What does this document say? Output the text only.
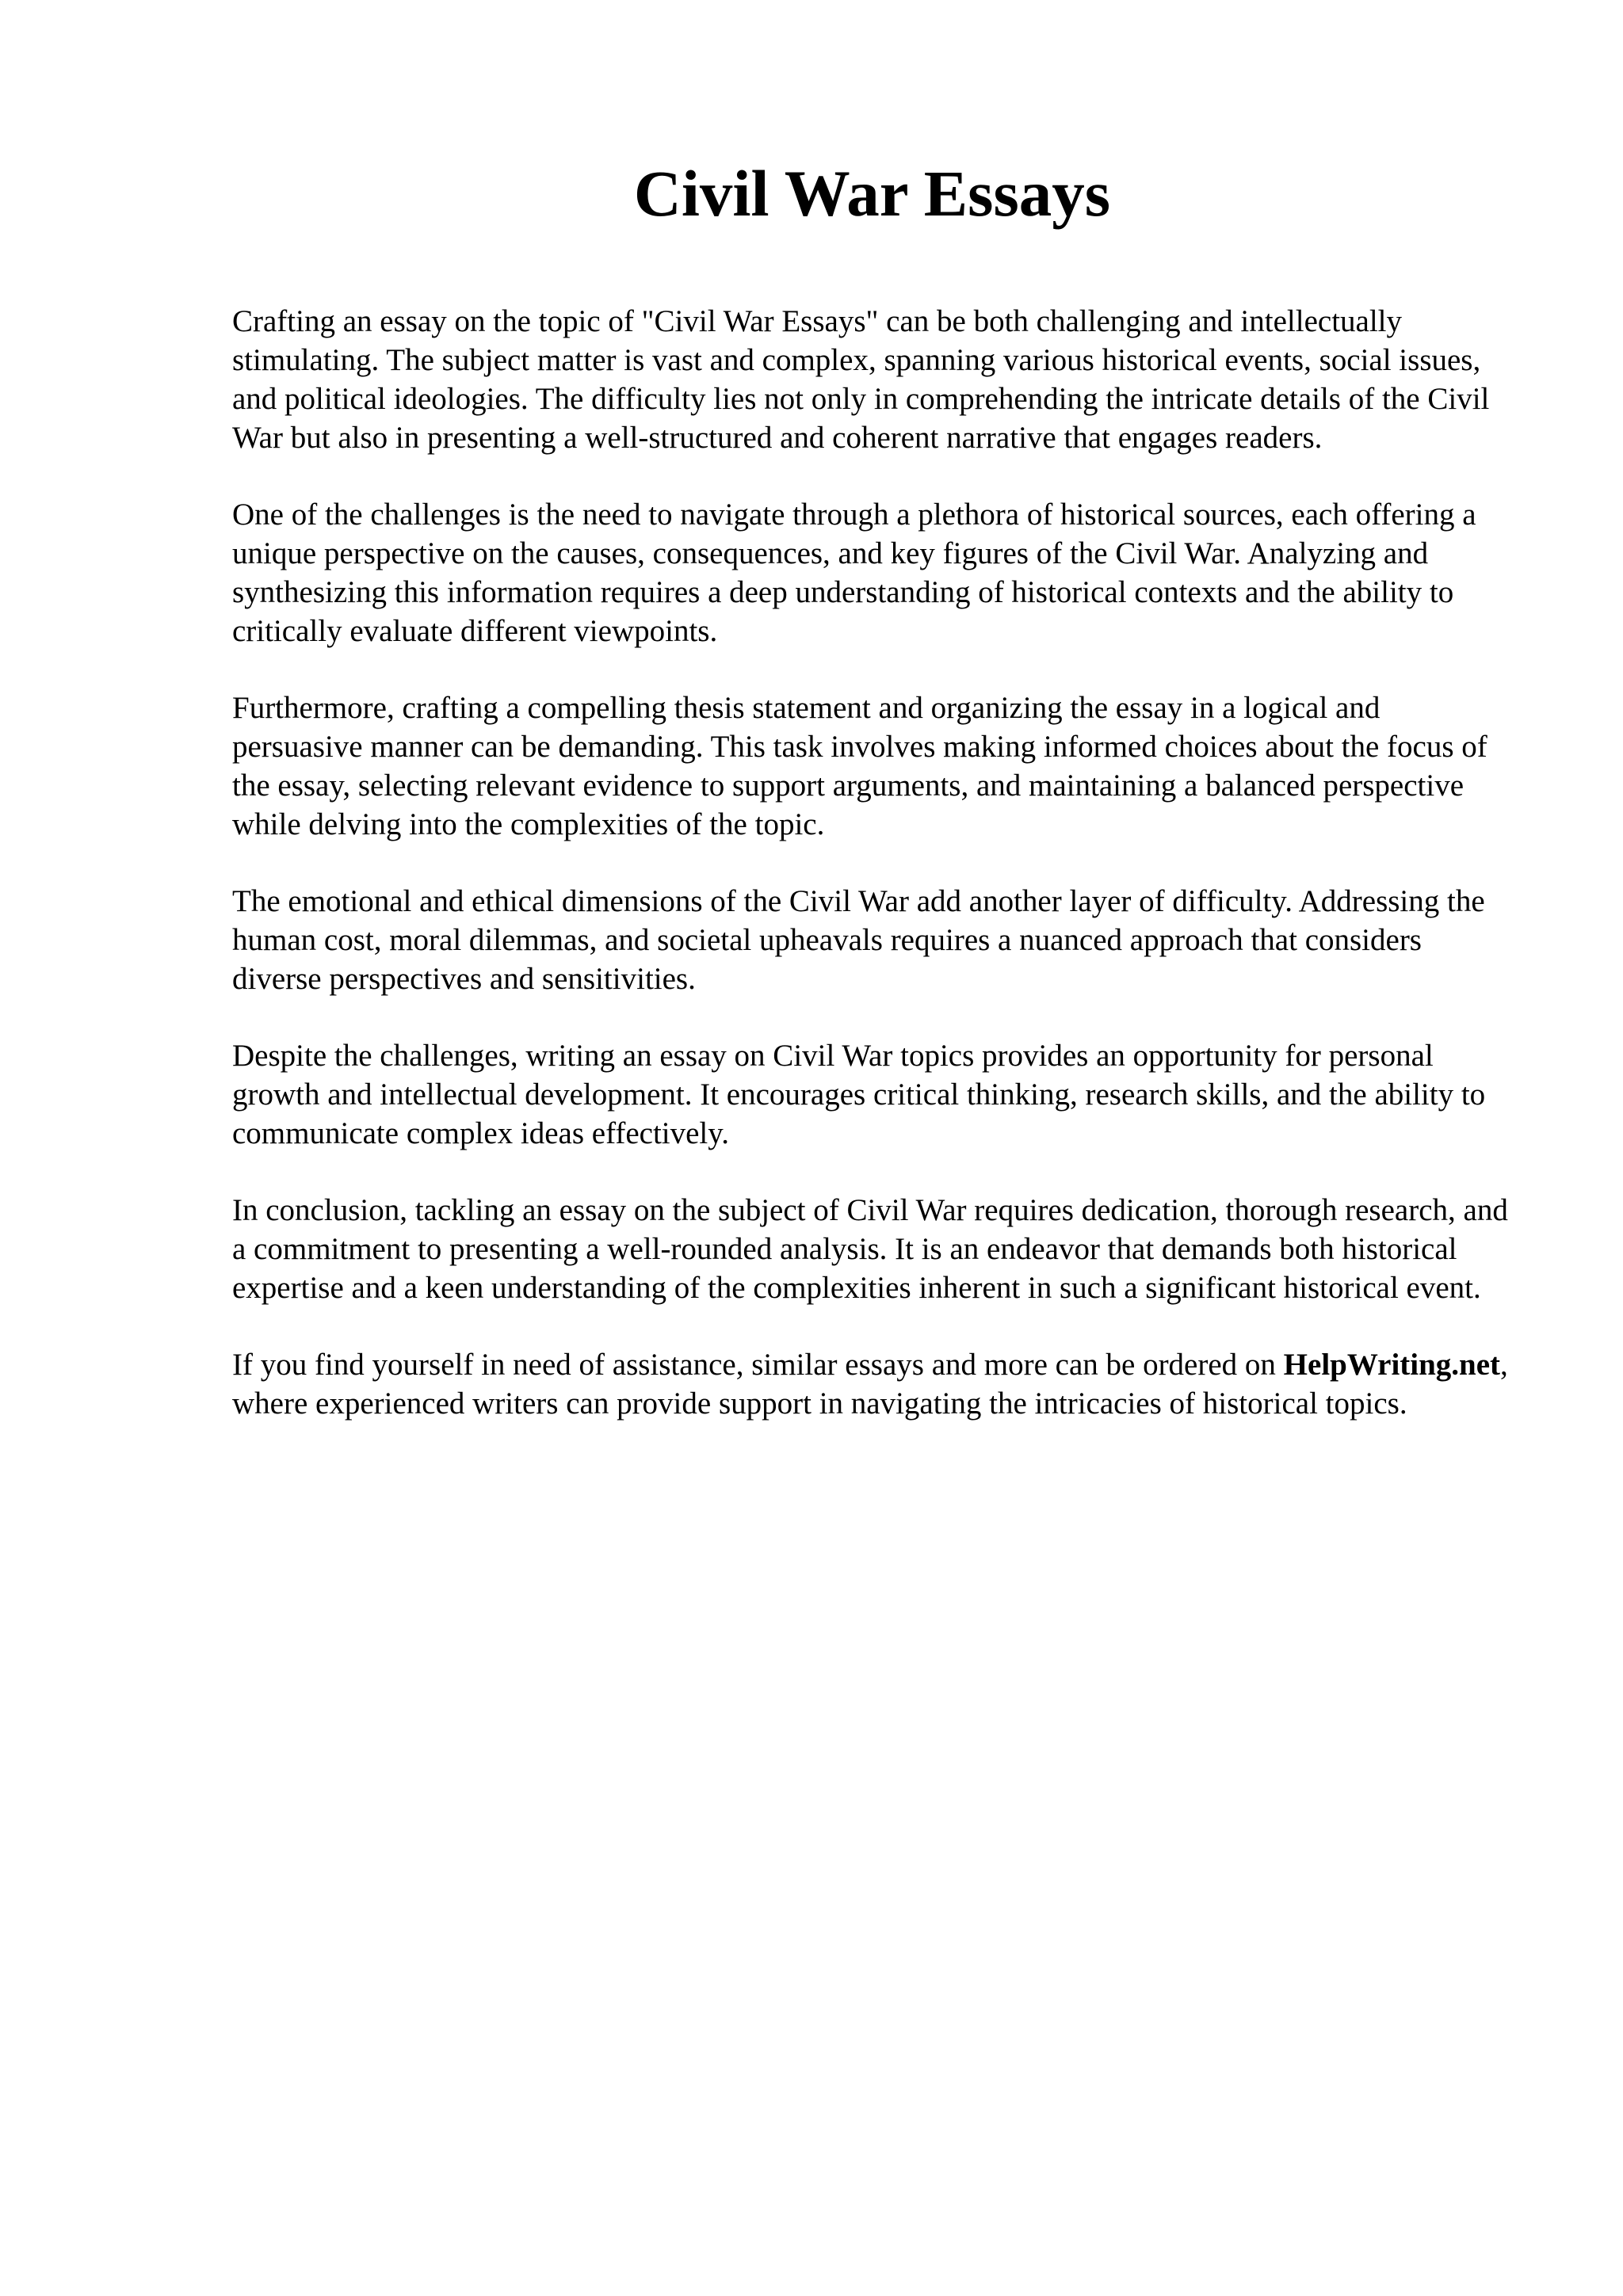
Civil War Essays

Crafting an essay on the topic of "Civil War Essays" can be both challenging and intellectually stimulating. The subject matter is vast and complex, spanning various historical events, social issues, and political ideologies. The difficulty lies not only in comprehending the intricate details of the Civil War but also in presenting a well-structured and coherent narrative that engages readers.

One of the challenges is the need to navigate through a plethora of historical sources, each offering a unique perspective on the causes, consequences, and key figures of the Civil War. Analyzing and synthesizing this information requires a deep understanding of historical contexts and the ability to critically evaluate different viewpoints.

Furthermore, crafting a compelling thesis statement and organizing the essay in a logical and persuasive manner can be demanding. This task involves making informed choices about the focus of the essay, selecting relevant evidence to support arguments, and maintaining a balanced perspective while delving into the complexities of the topic.

The emotional and ethical dimensions of the Civil War add another layer of difficulty. Addressing the human cost, moral dilemmas, and societal upheavals requires a nuanced approach that considers diverse perspectives and sensitivities.

Despite the challenges, writing an essay on Civil War topics provides an opportunity for personal growth and intellectual development. It encourages critical thinking, research skills, and the ability to communicate complex ideas effectively.

In conclusion, tackling an essay on the subject of Civil War requires dedication, thorough research, and a commitment to presenting a well-rounded analysis. It is an endeavor that demands both historical expertise and a keen understanding of the complexities inherent in such a significant historical event.

If you find yourself in need of assistance, similar essays and more can be ordered on HelpWriting.net, where experienced writers can provide support in navigating the intricacies of historical topics.
